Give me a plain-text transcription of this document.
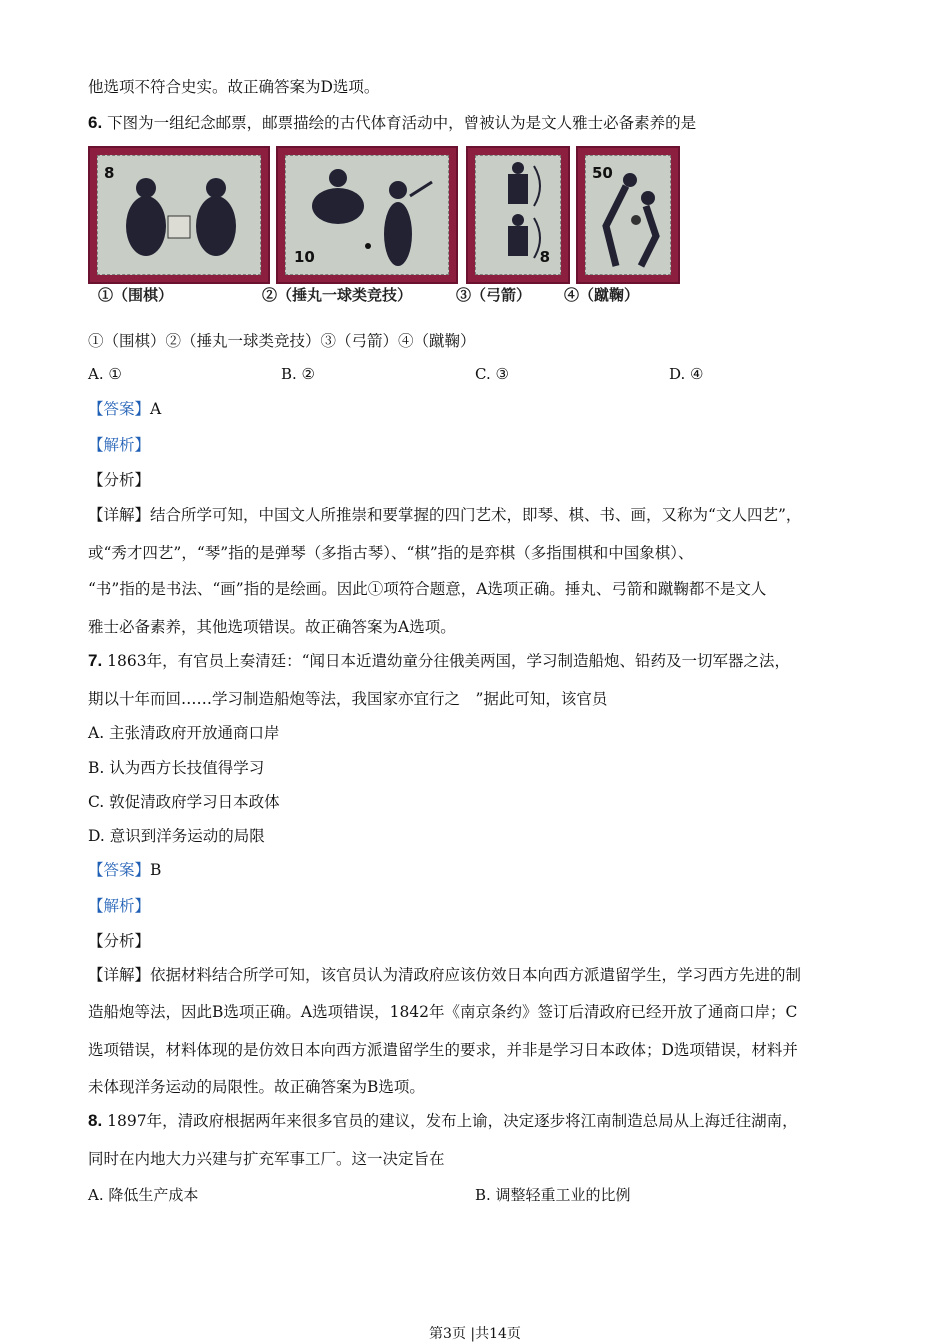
他选项不符合史实。故正确答案为D选项。
6. 下图为一组纪念邮票，邮票描绘的古代体育活动中，曾被认为是文人雅士必备素养的是
8
10	8
50
①（围棋）	②（捶丸一球类竞技）	③（弓箭） ④（蹴鞠）
①（围棋）②（捶丸一球类竞技）③（弓箭）④（蹴鞠）
A. ①	B. ②	C. ③	D. ④
【答案】A
【解析】
【分析】
【详解】结合所学可知，中国文人所推崇和要掌握的四门艺术，即琴、棋、书、画，又称为“文人四艺”，
或“秀才四艺”，“琴”指的是弹琴（多指古琴）、“棋”指的是弈棋（多指围棋和中国象棋）、
“书”指的是书法、“画”指的是绘画。因此①项符合题意，A选项正确。捶丸、弓箭和蹴鞠都不是文人
雅士必备素养，其他选项错误。故正确答案为A选项。
7. 1863年，有官员上奏清廷：“闻日本近遣幼童分往俄美两国，学习制造船炮、铅药及一切军器之法，
期以十年而回……学习制造船炮等法，我国家亦宜行之　”据此可知，该官员
A. 主张清政府开放通商口岸
B. 认为西方长技值得学习
C. 敦促清政府学习日本政体
D. 意识到洋务运动的局限
【答案】B
【解析】
【分析】
【详解】依据材料结合所学可知，该官员认为清政府应该仿效日本向西方派遣留学生，学习西方先进的制
造船炮等法，因此B选项正确。A选项错误，1842年《南京条约》签订后清政府已经开放了通商口岸；C
选项错误，材料体现的是仿效日本向西方派遣留学生的要求，并非是学习日本政体；D选项错误，材料并
未体现洋务运动的局限性。故正确答案为B选项。
8. 1897年，清政府根据两年来很多官员的建议，发布上谕，决定逐步将江南制造总局从上海迁往湖南，
同时在内地大力兴建与扩充军事工厂。这一决定旨在
A. 降低生产成本	B. 调整轻重工业的比例
第3页 |共14页
